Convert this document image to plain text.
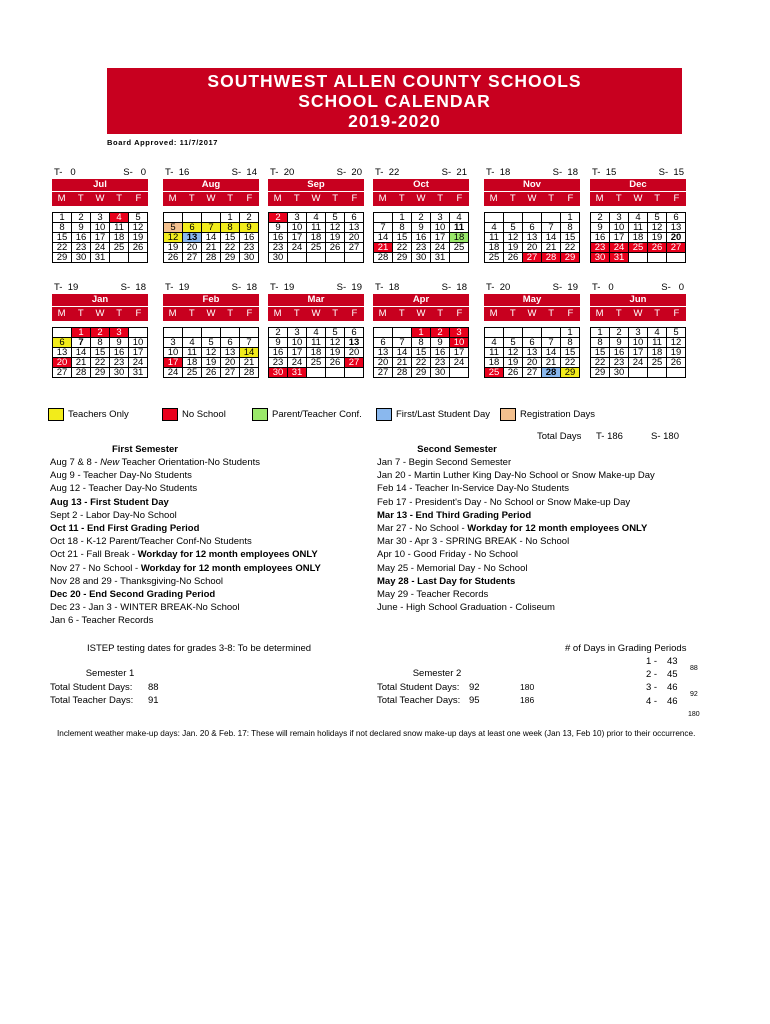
SOUTHWEST ALLEN COUNTY SCHOOLS
SCHOOL CALENDAR
2019-2020
Board Approved: 11/7/2017
T-   0	S-   0
Jul
M	T	W	T	F
1	2	3	4	5
8	9	10	11	12
15	16	17	18	19
22	23	24	25	26
29	30	31		
T-  16	S-  14
Aug
M	T	W	T	F
			1	2
5	6	7	8	9
12	13	14	15	16
19	20	21	22	23
26	27	28	29	30
T-  20	S-  20
Sep
M	T	W	T	F
2	3	4	5	6
9	10	11	12	13
16	17	18	19	20
23	24	25	26	27
30				
T-  22	S-  21
Oct
M	T	W	T	F
	1	2	3	4
7	8	9	10	11
14	15	16	17	18
21	22	23	24	25
28	29	30	31	
T-  18	S-  18
Nov
M	T	W	T	F
				1
4	5	6	7	8
11	12	13	14	15
18	19	20	21	22
25	26	27	28	29
T-  15	S-  15
Dec
M	T	W	T	F
2	3	4	5	6
9	10	11	12	13
16	17	18	19	20
23	24	25	26	27
30	31			
T-  19	S-  18
Jan
M	T	W	T	F
	1	2	3	
6	7	8	9	10
13	14	15	16	17
20	21	22	23	24
27	28	29	30	31
T-  19	S-  18
Feb
M	T	W	T	F

3	4	5	6	7
10	11	12	13	14
17	18	19	20	21
24	25	26	27	28
T-  19	S-  19
Mar
M	T	W	T	F
2	3	4	5	6
9	10	11	12	13
16	17	18	19	20
23	24	25	26	27
30	31			
T-  18	S-  18
Apr
M	T	W	T	F
		1	2	3
6	7	8	9	10
13	14	15	16	17
20	21	22	23	24
27	28	29	30	
T-  20	S-  19
May
M	T	W	T	F
				1
4	5	6	7	8
11	12	13	14	15
18	19	20	21	22
25	26	27	28	29
T-   0	S-   0
Jun
M	T	W	T	F
1	2	3	4	5
8	9	10	11	12
15	16	17	18	19
22	23	24	25	26
29	30			
Teachers Only	No School	Parent/Teacher Conf.	First/Last Student Day	Registration Days
Total Days T- 186	S- 180
First Semester
Aug 7 & 8 - New Teacher Orientation-No Students
Aug 9 - Teacher Day-No Students
Aug 12 - Teacher Day-No Students
Aug 13 - First Student Day
Sept 2 - Labor Day-No School
Oct 11 - End First Grading Period
Oct 18 - K-12 Parent/Teacher Conf-No Students
Oct 21 - Fall Break - Workday for 12 month employees ONLY
Nov 27 - No School - Workday for 12 month employees ONLY
Nov 28 and 29 - Thanksgiving-No School
Dec 20 - End Second Grading Period
Dec 23 - Jan 3 - WINTER BREAK-No School
Jan 6 - Teacher Records
Second Semester
Jan 7 - Begin Second Semester
Jan 20 - Martin Luther King Day-No School or Snow Make-up Day
Feb 14 - Teacher In-Service Day-No Students
Feb 17 - President's Day - No School or Snow Make-up Day
Mar 13 - End Third Grading Period
Mar 27 - No School - Workday for 12 month employees ONLY
Mar 30 - Apr 3 - SPRING BREAK - No School
Apr 10 - Good Friday - No School
May 25 - Memorial Day - No School
May 28 - Last Day for Students
May 29 - Teacher Records
June - High School Graduation - Coliseum
ISTEP testing dates for grades 3-8: To be determined	# of Days in Grading Periods
1 - 43
2 - 45
3 - 46
4 - 46
88
92
180
Semester 1
Total Student Days: 88
Total Teacher Days: 91
Semester 2
Total Student Days: 92	180
Total Teacher Days: 95	186
Inclement weather make-up days: Jan. 20 & Feb. 17: These will remain holidays if not declared snow make-up days at least one week (Jan 13, Feb 10) prior to their occurrence.
